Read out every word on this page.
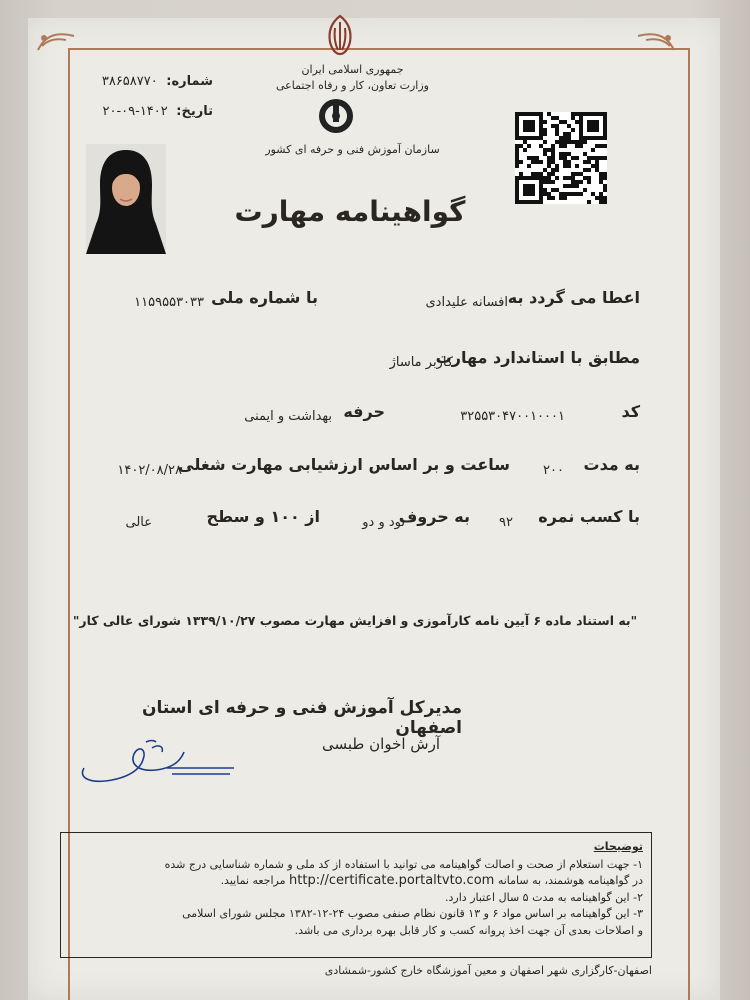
جمهوری اسلامی ایران
وزارت تعاون، کار و رفاه اجتماعی
سازمان آموزش فنی و حرفه ای کشور
شماره: ۳۸۶۵۸۷۷۰
تاریخ: ۱۴۰۲-۰۹-۲۰
گواهینامه مهارت
اعطا می گردد به
افسانه علیدادی
با شماره ملی
۱۱۵۹۵۵۳۰۳۳
مطابق با استاندارد مهارت
کاربر ماساژ
کد
۳۲۵۵۳۰۴۷۰۰۱۰۰۰۱
حرفه
بهداشت و ایمنی
به مدت
۲۰۰
ساعت و بر اساس ارزشیابی مهارت شغلی
۱۴۰۲/۰۸/۲۸
با کسب نمره
۹۲
به حروف
نود و دو
از ۱۰۰ و سطح
عالی
"به استناد ماده ۶ آیین نامه کارآموزی و افزایش مهارت مصوب ۱۳۳۹/۱۰/۲۷ شورای عالی کار"
مدیرکل آموزش فنی و حرفه ای استان اصفهان
آرش اخوان طبسی
توضیحات

۱- جهت استعلام از صحت و اصالت گواهینامه می توانید با استفاده از کد ملی و شماره شناسایی درج شده

در گواهینامه هوشمند، به سامانه http://certificate.portaltvto.com مراجعه نمایید.

۲- این گواهینامه به مدت ۵ سال اعتبار دارد.

۳- این گواهینامه بر اساس مواد ۶ و ۱۳ قانون نظام صنفی مصوب ۲۴-۱۲-۱۳۸۲ مجلس شورای اسلامی

و اصلاحات بعدی آن جهت اخذ پروانه کسب و کار قابل بهره برداری می باشد.

اصفهان-کارگزاری شهر اصفهان و معین آموزشگاه خارج کشور-شمشادی
